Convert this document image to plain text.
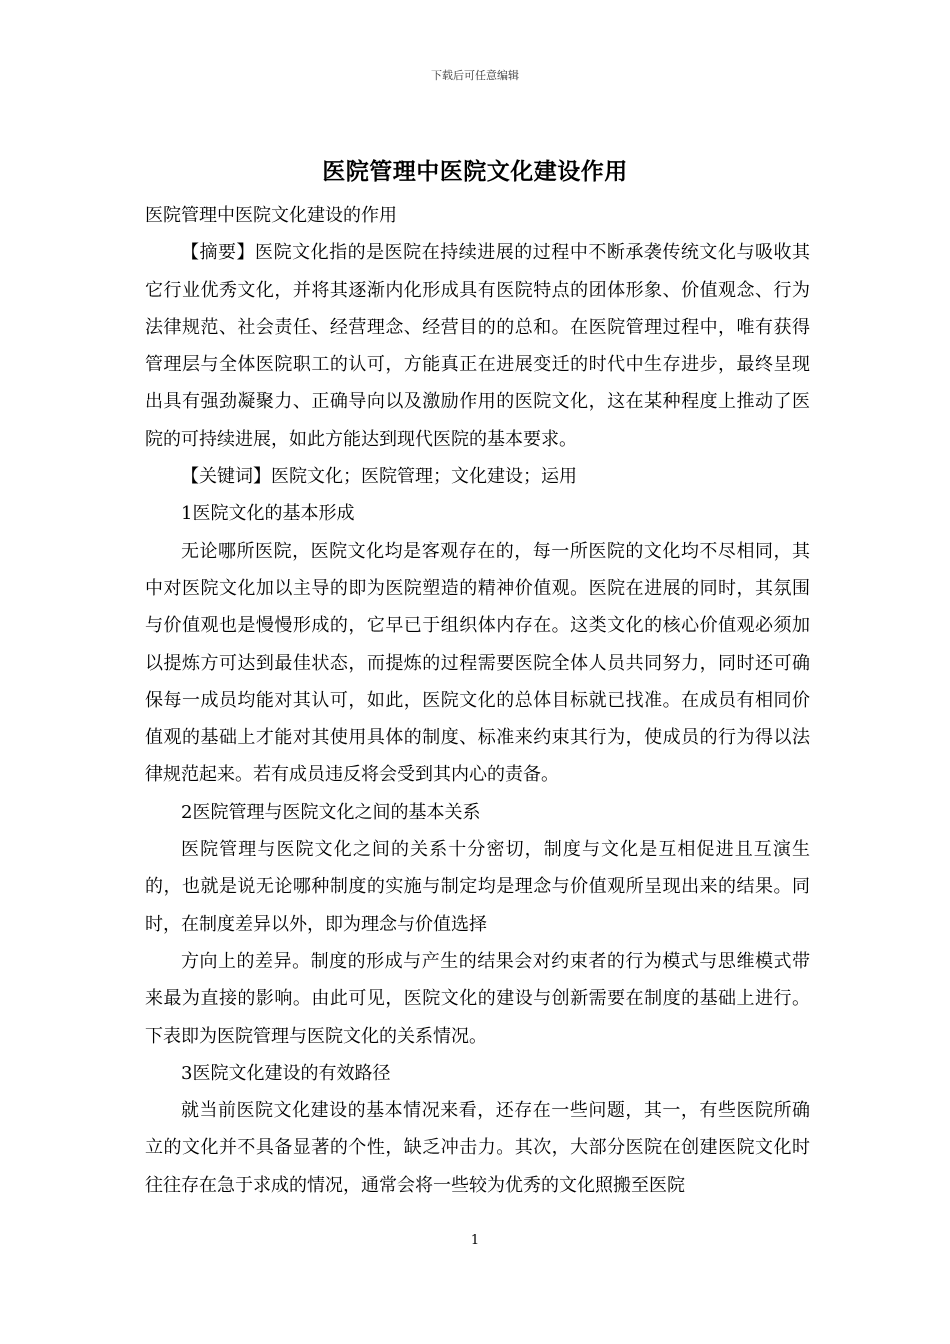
下载后可任意编辑
医院管理中医院文化建设作用

医院管理中医院文化建设的作用

【摘要】医院文化指的是医院在持续进展的过程中不断承袭传统文化与吸收其它行业优秀文化，并将其逐渐内化形成具有医院特点的团体形象、价值观念、行为法律规范、社会责任、经营理念、经营目的的总和。在医院管理过程中，唯有获得管理层与全体医院职工的认可，方能真正在进展变迁的时代中生存进步，最终呈现出具有强劲凝聚力、正确导向以及激励作用的医院文化，这在某种程度上推动了医院的可持续进展，如此方能达到现代医院的基本要求。

【关键词】医院文化；医院管理；文化建设；运用

1医院文化的基本形成

无论哪所医院，医院文化均是客观存在的，每一所医院的文化均不尽相同，其中对医院文化加以主导的即为医院塑造的精神价值观。医院在进展的同时，其氛围与价值观也是慢慢形成的，它早已于组织体内存在。这类文化的核心价值观必须加以提炼方可达到最佳状态，而提炼的过程需要医院全体人员共同努力，同时还可确保每一成员均能对其认可，如此，医院文化的总体目标就已找准。在成员有相同价值观的基础上才能对其使用具体的制度、标准来约束其行为，使成员的行为得以法律规范起来。若有成员违反将会受到其内心的责备。

2医院管理与医院文化之间的基本关系

医院管理与医院文化之间的关系十分密切，制度与文化是互相促进且互演生的，也就是说无论哪种制度的实施与制定均是理念与价值观所呈现出来的结果。同时，在制度差异以外，即为理念与价值选择

方向上的差异。制度的形成与产生的结果会对约束者的行为模式与思维模式带来最为直接的影响。由此可见，医院文化的建设与创新需要在制度的基础上进行。下表即为医院管理与医院文化的关系情况。

3医院文化建设的有效路径

就当前医院文化建设的基本情况来看，还存在一些问题，其一，有些医院所确立的文化并不具备显著的个性，缺乏冲击力。其次，大部分医院在创建医院文化时往往存在急于求成的情况，通常会将一些较为优秀的文化照搬至医院

1
